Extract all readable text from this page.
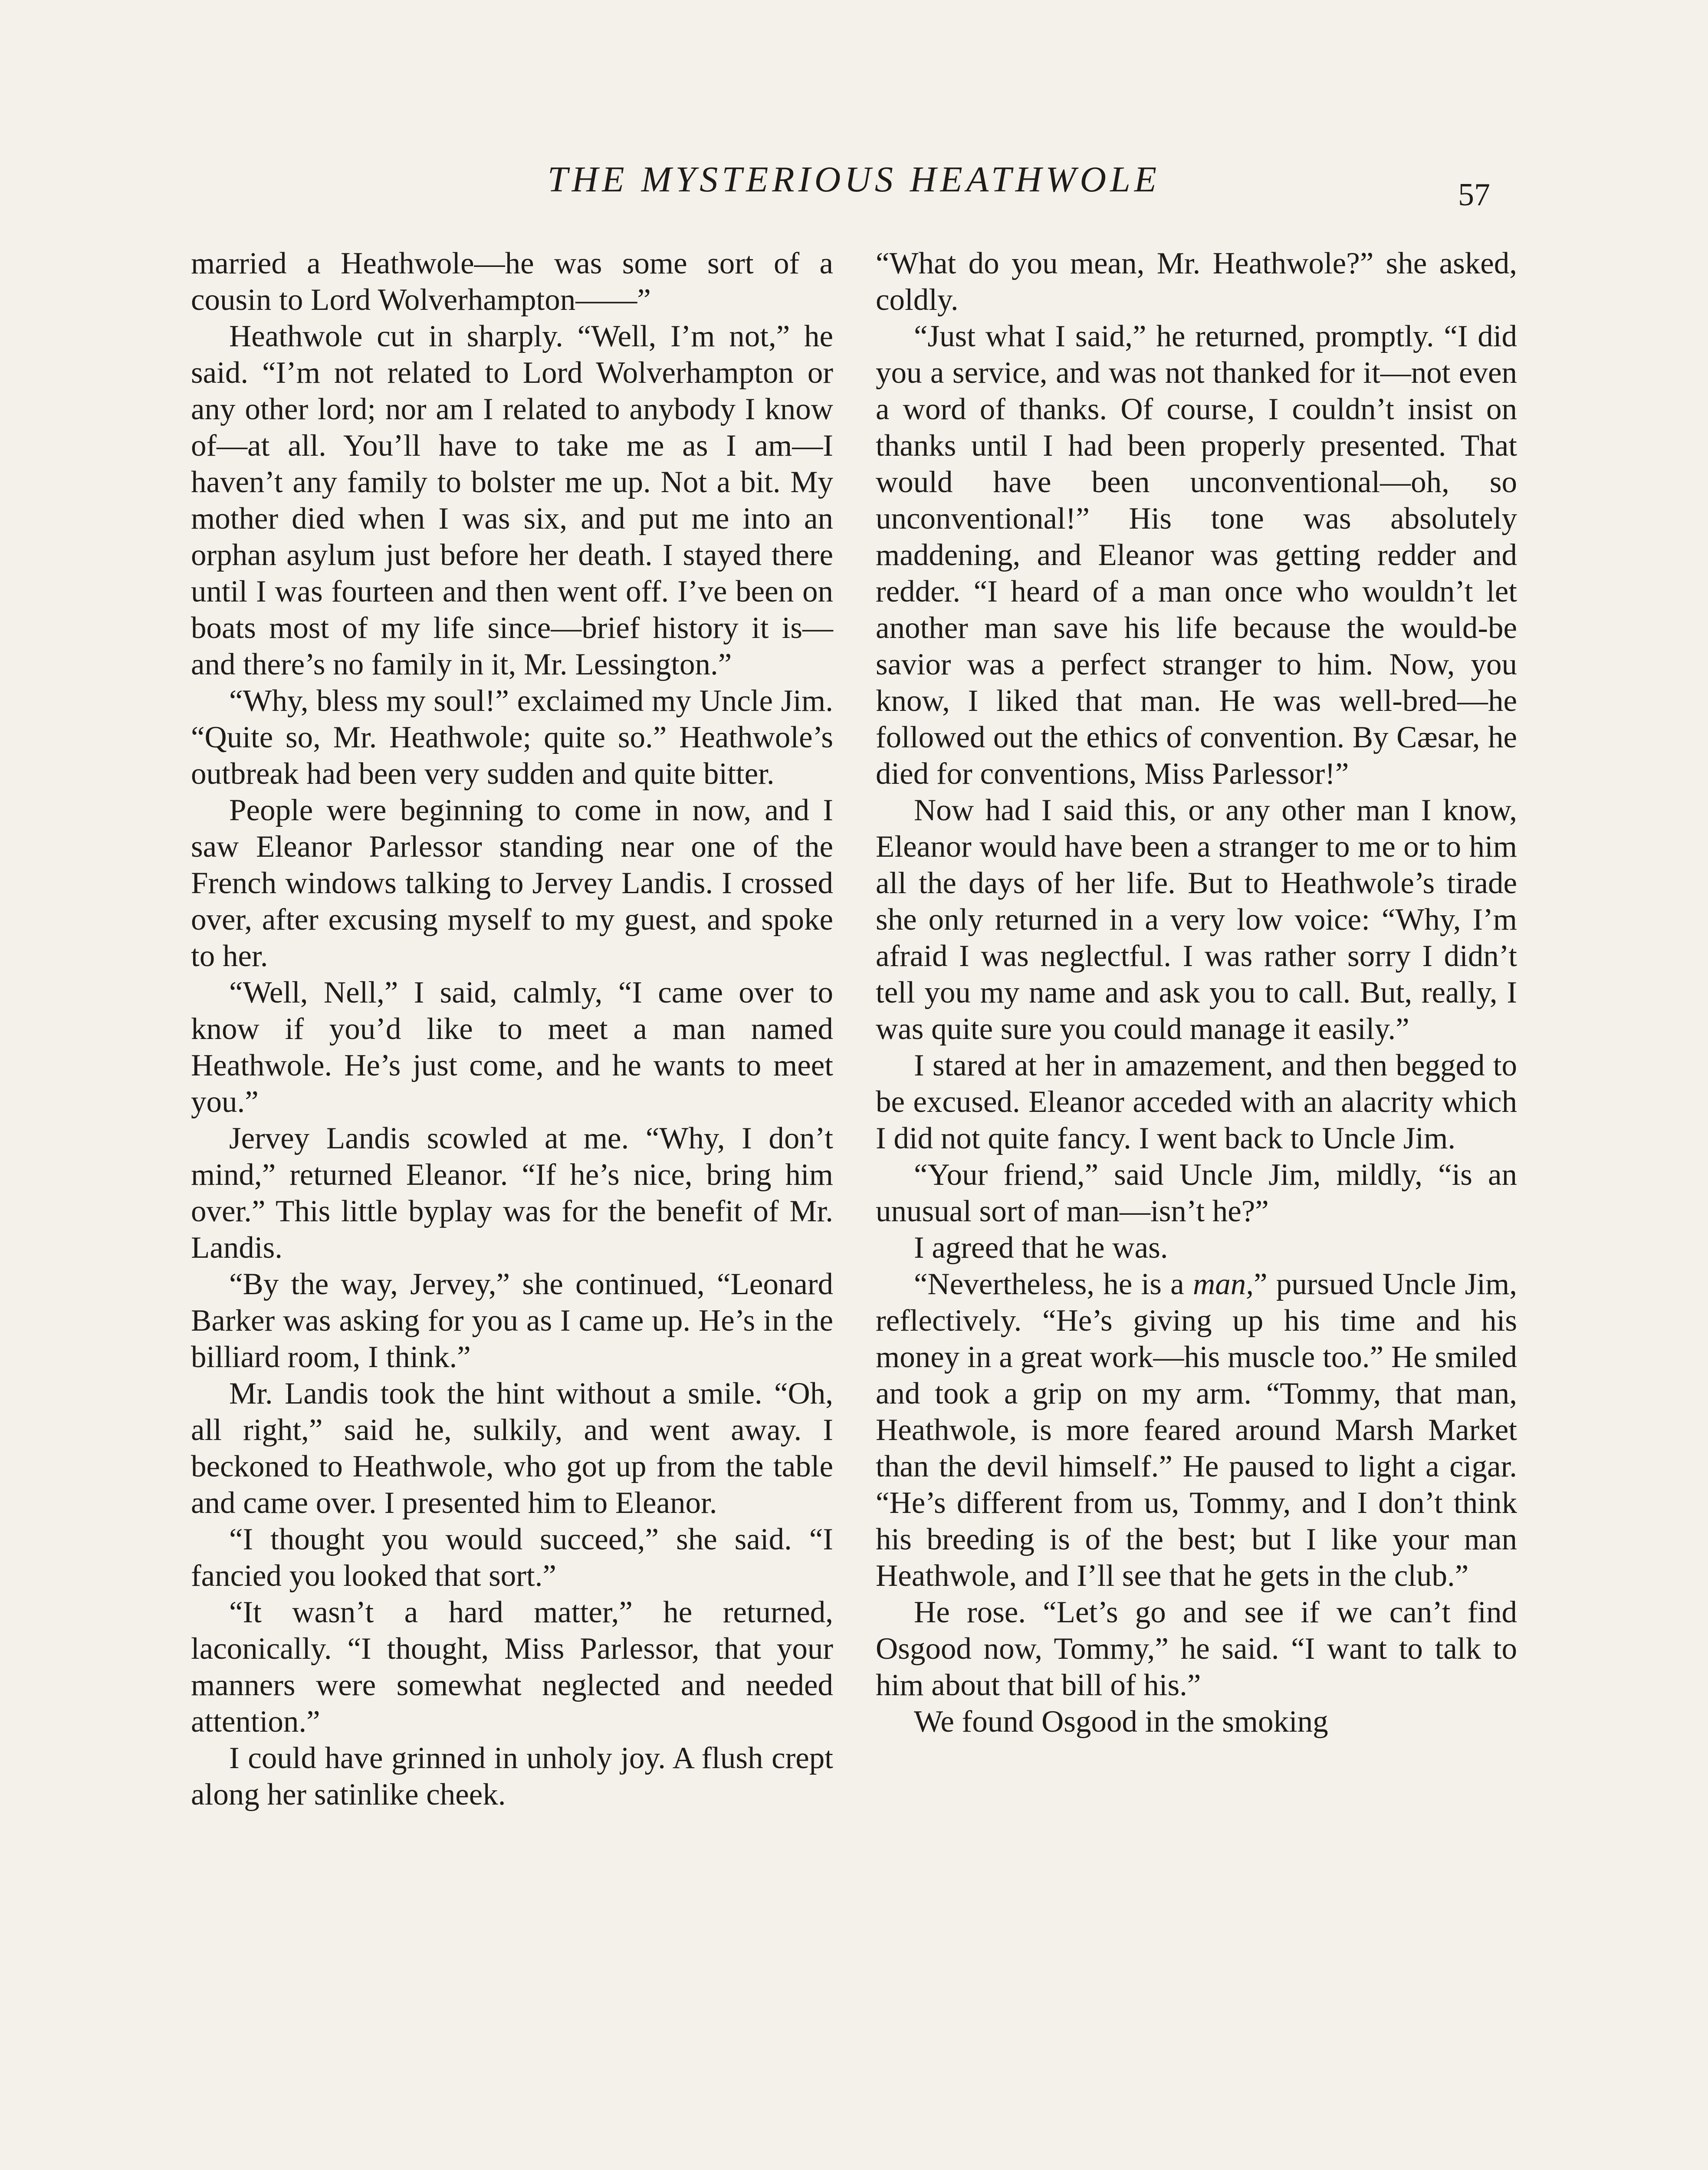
THE MYSTERIOUS HEATHWOLE	57

married a Heathwole—he was some sort of a cousin to Lord Wolverhampton——”

Heathwole cut in sharply. “Well, I’m not,” he said. “I’m not related to Lord Wolverhampton or any other lord; nor am I related to anybody I know of—at all. You’ll have to take me as I am—I haven’t any family to bolster me up. Not a bit. My mother died when I was six, and put me into an orphan asylum just before her death. I stayed there until I was fourteen and then went off. I’ve been on boats most of my life since—brief history it is—and there’s no family in it, Mr. Lessington.”

“Why, bless my soul!” exclaimed my Uncle Jim. “Quite so, Mr. Heathwole; quite so.” Heathwole’s outbreak had been very sudden and quite bitter.

People were beginning to come in now, and I saw Eleanor Parlessor standing near one of the French windows talking to Jervey Landis. I crossed over, after excusing myself to my guest, and spoke to her.

“Well, Nell,” I said, calmly, “I came over to know if you’d like to meet a man named Heathwole. He’s just come, and he wants to meet you.”

Jervey Landis scowled at me. “Why, I don’t mind,” returned Eleanor. “If he’s nice, bring him over.” This little byplay was for the benefit of Mr. Landis.

“By the way, Jervey,” she continued, “Leonard Barker was asking for you as I came up. He’s in the billiard room, I think.”

Mr. Landis took the hint without a smile. “Oh, all right,” said he, sulkily, and went away. I beckoned to Heathwole, who got up from the table and came over. I presented him to Eleanor.

“I thought you would succeed,” she said. “I fancied you looked that sort.”

“It wasn’t a hard matter,” he returned, laconically. “I thought, Miss Parlessor, that your manners were somewhat neglected and needed attention.”

I could have grinned in unholy joy. A flush crept along her satinlike cheek.

“What do you mean, Mr. Heathwole?” she asked, coldly.

“Just what I said,” he returned, promptly. “I did you a service, and was not thanked for it—not even a word of thanks. Of course, I couldn’t insist on thanks until I had been properly presented. That would have been unconventional—oh, so unconventional!” His tone was absolutely maddening, and Eleanor was getting redder and redder. “I heard of a man once who wouldn’t let another man save his life because the would-be savior was a perfect stranger to him. Now, you know, I liked that man. He was well-bred—he followed out the ethics of convention. By Cæsar, he died for conventions, Miss Parlessor!”

Now had I said this, or any other man I know, Eleanor would have been a stranger to me or to him all the days of her life. But to Heathwole’s tirade she only returned in a very low voice: “Why, I’m afraid I was neglectful. I was rather sorry I didn’t tell you my name and ask you to call. But, really, I was quite sure you could manage it easily.”

I stared at her in amazement, and then begged to be excused. Eleanor acceded with an alacrity which I did not quite fancy. I went back to Uncle Jim.

“Your friend,” said Uncle Jim, mildly, “is an unusual sort of man—isn’t he?”

I agreed that he was.

“Nevertheless, he is a man,” pursued Uncle Jim, reflectively. “He’s giving up his time and his money in a great work—his muscle too.” He smiled and took a grip on my arm. “Tommy, that man, Heathwole, is more feared around Marsh Market than the devil himself.” He paused to light a cigar. “He’s different from us, Tommy, and I don’t think his breeding is of the best; but I like your man Heathwole, and I’ll see that he gets in the club.”

He rose. “Let’s go and see if we can’t find Osgood now, Tommy,” he said. “I want to talk to him about that bill of his.”

We found Osgood in the smoking
